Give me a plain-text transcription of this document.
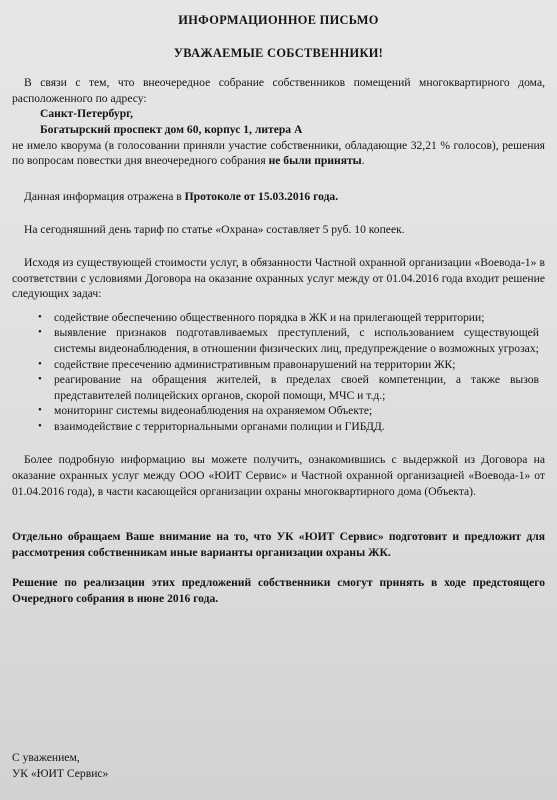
ИНФОРМАЦИОННОЕ ПИСЬМО
УВАЖАЕМЫЕ СОБСТВЕННИКИ!

В связи с тем, что внеочередное собрание собственников помещений многоквартирного дома, расположенного по адресу:

Санкт-Петербург,
Богатырский проспект дом 60, корпус 1, литера А

не имело кворума (в голосовании приняли участие собственники, обладающие 32,21 % голосов), решения по вопросам повестки дня внеочередного собрания не были приняты.

Данная информация отражена в Протоколе от 15.03.2016 года.

На сегодняшний день тариф по статье «Охрана» составляет 5 руб. 10 копеек.

Исходя из существующей стоимости услуг, в обязанности Частной охранной организации «Воевода-1» в соответствии с условиями Договора на оказание охранных услуг между от 01.04.2016 года входит решение следующих задач:

• содействие обеспечению общественного порядка в ЖК и на прилегающей территории;
• выявление признаков подготавливаемых преступлений, с использованием существующей системы видеонаблюдения, в отношении физических лиц, предупреждение о возможных угрозах;
• содействие пресечению административным правонарушений на территории ЖК;
• реагирование на обращения жителей, в пределах своей компетенции, а также вызов представителей полицейских органов, скорой помощи, МЧС и т.д.;
• мониторинг системы видеонаблюдения на охраняемом Объекте;
• взаимодействие с территориальными органами полиции и ГИБДД.

Более подробную информацию вы можете получить, ознакомившись с выдержкой из Договора на оказание охранных услуг между ООО «ЮИТ Сервис» и Частной охранной организацией «Воевода-1» от 01.04.2016 года), в части касающейся организации охраны многоквартирного дома (Объекта).

Отдельно обращаем Ваше внимание на то, что УК «ЮИТ Сервис» подготовит и предложит для рассмотрения собственникам иные варианты организации охраны ЖК.

Решение по реализации этих предложений собственники смогут принять в ходе предстоящего Очередного собрания в июне 2016 года.

С уважением,
УК «ЮИТ Сервис»
